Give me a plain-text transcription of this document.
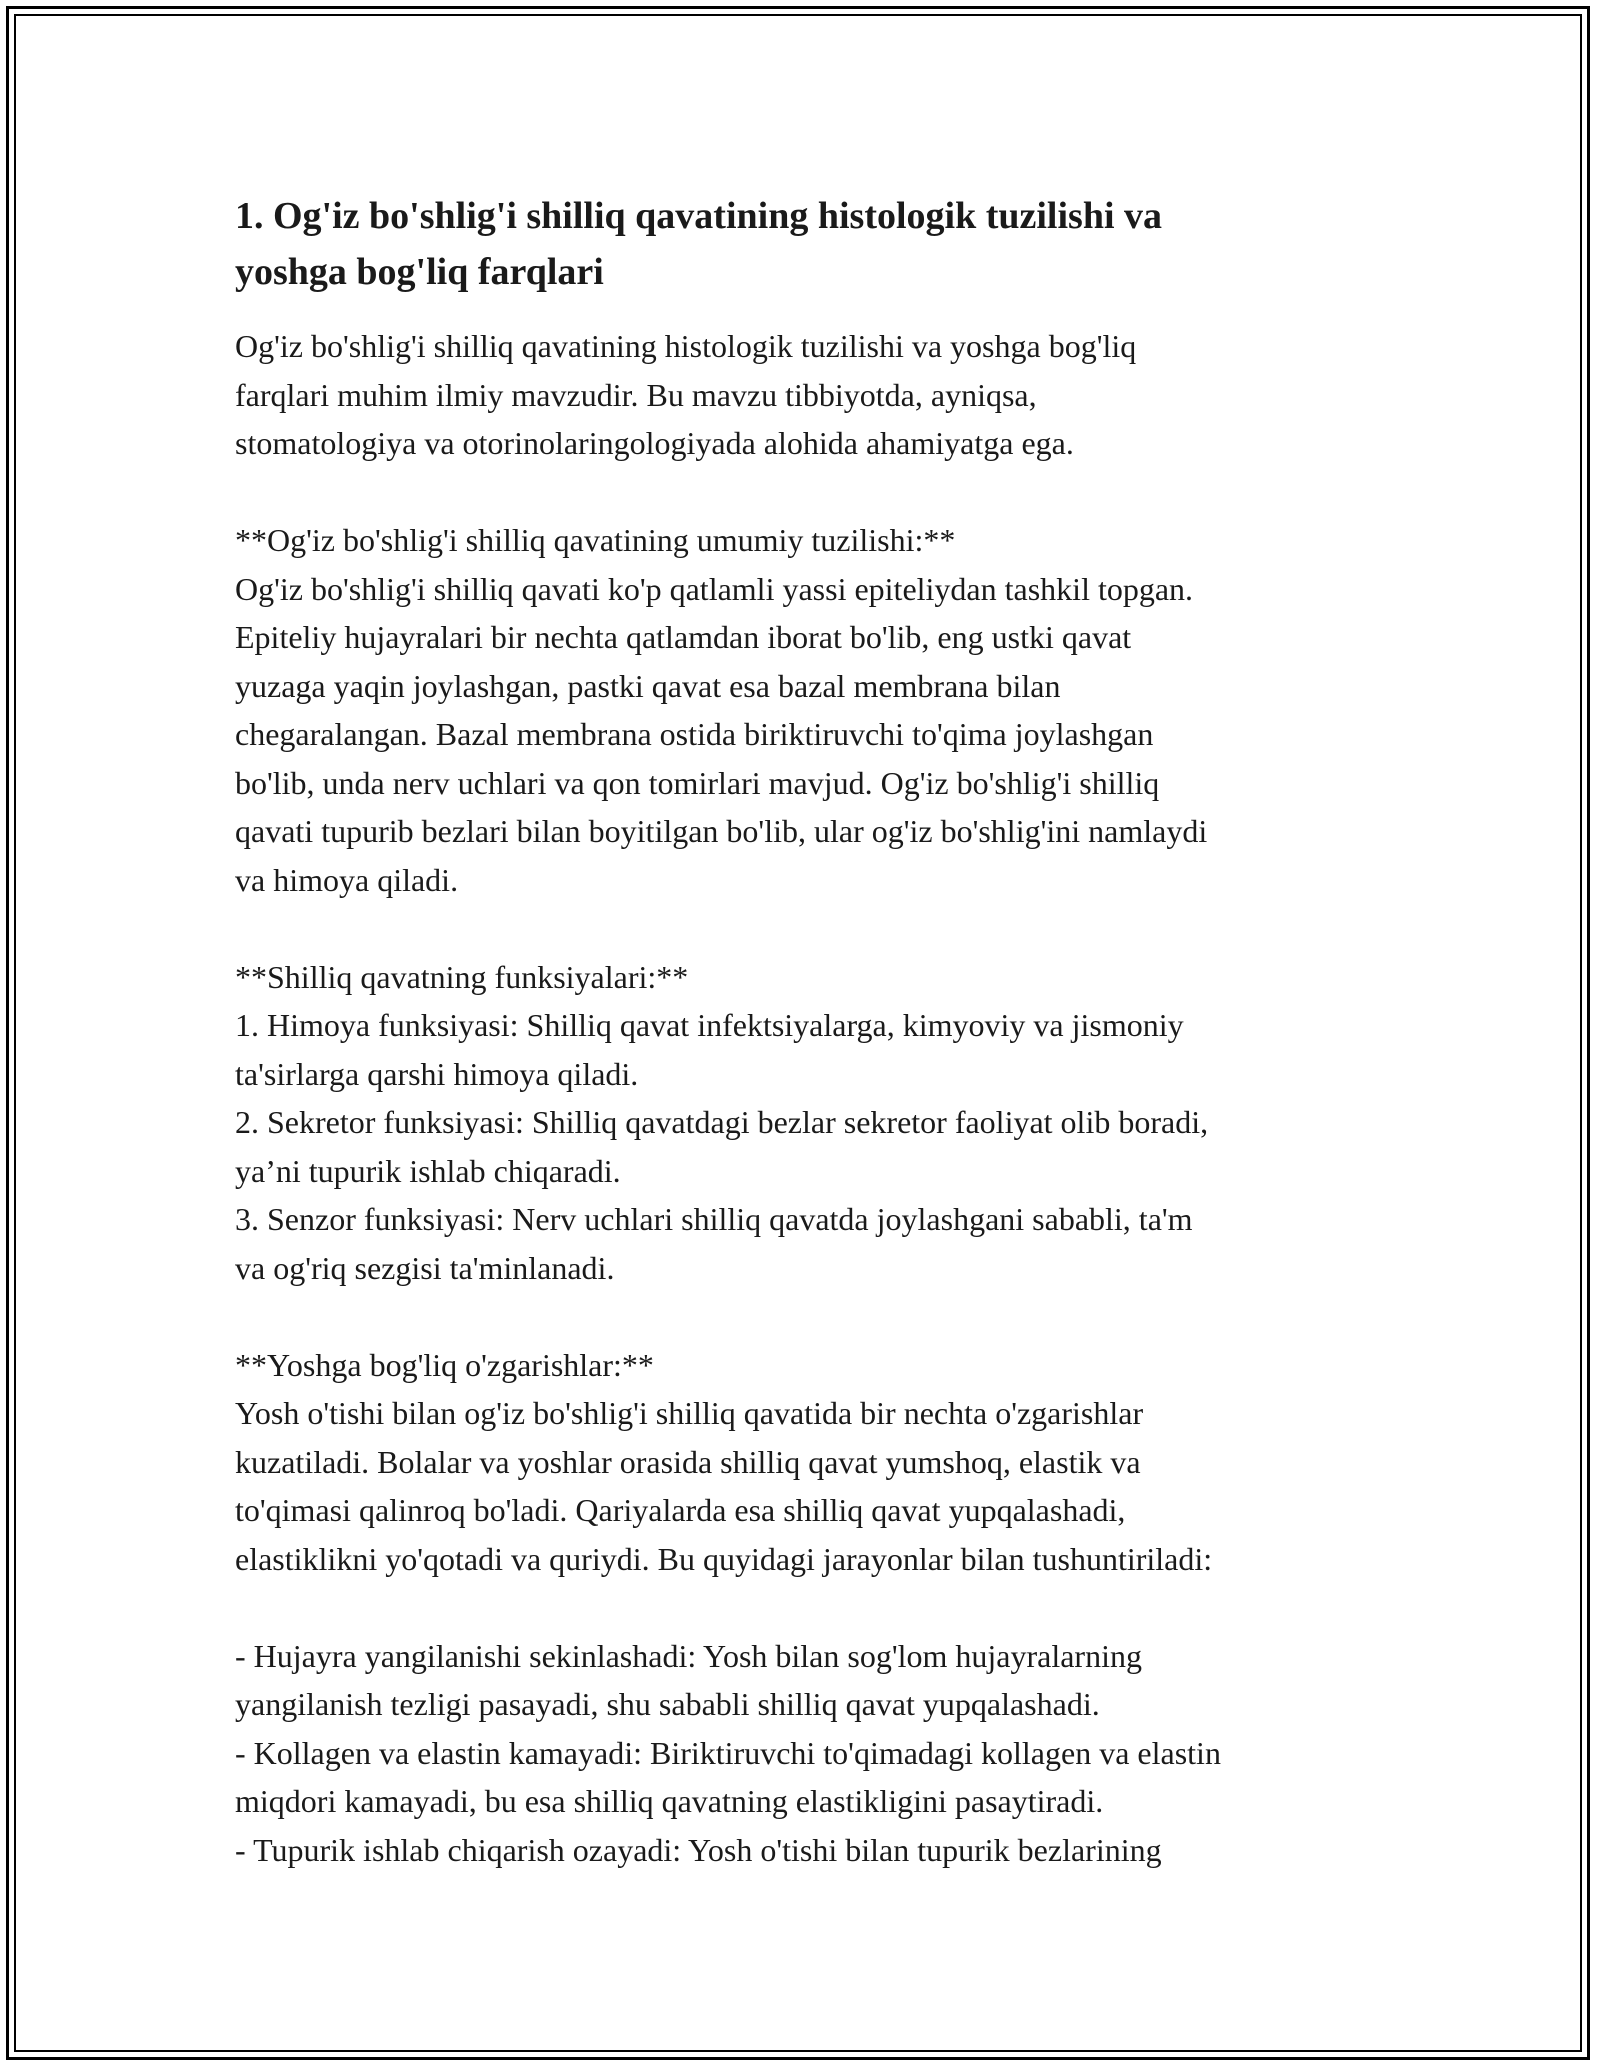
1. Og'iz bo'shlig'i shilliq qavatining histologik tuzilishi va
yoshga bog'liq farqlari
Og'iz bo'shlig'i shilliq qavatining histologik tuzilishi va yoshga bog'liq
farqlari muhim ilmiy mavzudir. Bu mavzu tibbiyotda, ayniqsa,
stomatologiya va otorinolaringologiyada alohida ahamiyatga ega.
**Og'iz bo'shlig'i shilliq qavatining umumiy tuzilishi:**
Og'iz bo'shlig'i shilliq qavati ko'p qatlamli yassi epiteliydan tashkil topgan.
Epiteliy hujayralari bir nechta qatlamdan iborat bo'lib, eng ustki qavat
yuzaga yaqin joylashgan, pastki qavat esa bazal membrana bilan
chegaralangan. Bazal membrana ostida biriktiruvchi to'qima joylashgan
bo'lib, unda nerv uchlari va qon tomirlari mavjud. Og'iz bo'shlig'i shilliq
qavati tupurib bezlari bilan boyitilgan bo'lib, ular og'iz bo'shlig'ini namlaydi
va himoya qiladi.
**Shilliq qavatning funksiyalari:**
1. Himoya funksiyasi: Shilliq qavat infektsiyalarga, kimyoviy va jismoniy
ta'sirlarga qarshi himoya qiladi.
2. Sekretor funksiyasi: Shilliq qavatdagi bezlar sekretor faoliyat olib boradi,
ya’ni tupurik ishlab chiqaradi.
3. Senzor funksiyasi: Nerv uchlari shilliq qavatda joylashgani sababli, ta'm
va og'riq sezgisi ta'minlanadi.
**Yoshga bog'liq o'zgarishlar:**
Yosh o'tishi bilan og'iz bo'shlig'i shilliq qavatida bir nechta o'zgarishlar
kuzatiladi. Bolalar va yoshlar orasida shilliq qavat yumshoq, elastik va
to'qimasi qalinroq bo'ladi. Qariyalarda esa shilliq qavat yupqalashadi,
elastiklikni yo'qotadi va quriydi. Bu quyidagi jarayonlar bilan tushuntiriladi:
- Hujayra yangilanishi sekinlashadi: Yosh bilan sog'lom hujayralarning
yangilanish tezligi pasayadi, shu sababli shilliq qavat yupqalashadi.
- Kollagen va elastin kamayadi: Biriktiruvchi to'qimadagi kollagen va elastin
miqdori kamayadi, bu esa shilliq qavatning elastikligini pasaytiradi.
- Tupurik ishlab chiqarish ozayadi: Yosh o'tishi bilan tupurik bezlarining
